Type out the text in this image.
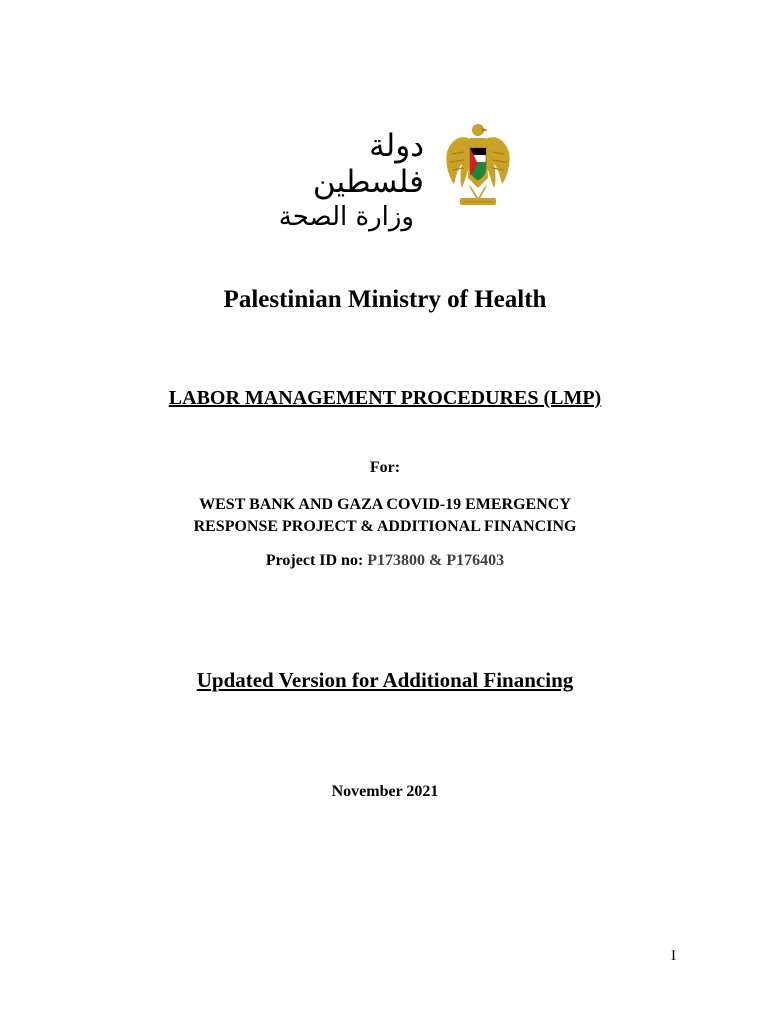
دولة فلسطين
وزارة الصحة
Palestinian Ministry of Health
LABOR MANAGEMENT PROCEDURES (LMP)
For:
WEST BANK AND GAZA COVID-19 EMERGENCY
RESPONSE PROJECT & ADDITIONAL FINANCING
Project ID no: P173800 & P176403
Updated Version for Additional Financing
November 2021
I
